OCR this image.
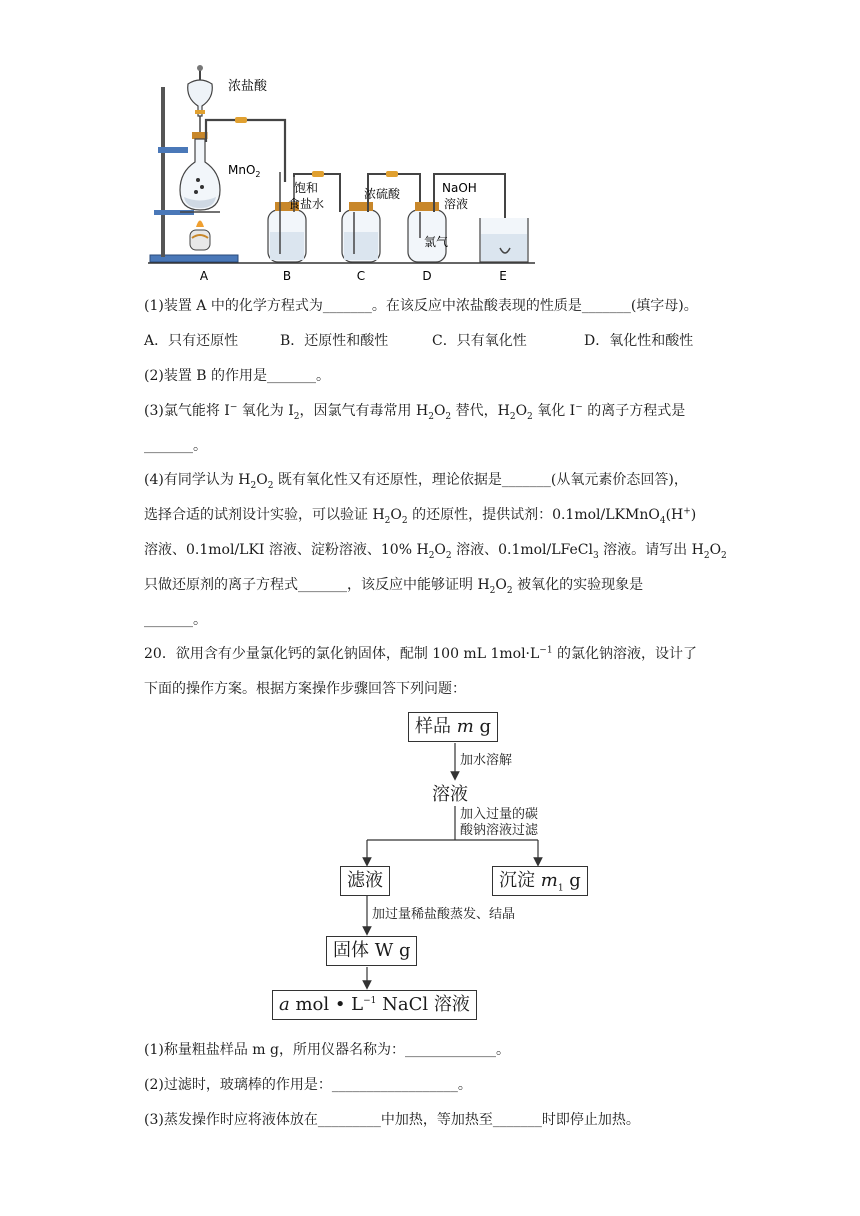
A	B	C	D	E
浓盐酸
MnO$_2$
饱和
食盐水
浓硫酸	NaOH
溶液
氯气
(1)装置 A 中的化学方程式为_______。在该反应中浓盐酸表现的性质是_______(填字母)。
A．只有还原性	B．还原性和酸性	C．只有氧化性	D．氧化性和酸性
(2)装置 B 的作用是_______。
(3)氯气能将 I− 氧化为 $I_2$，因氯气有毒常用 $H_2O_2$ 替代，$H_2O_2$ 氧化 I− 的离子方程式是
_______。
(4)有同学认为 $H_2O_2$ 既有氧化性又有还原性，理论依据是_______(从氧元素价态回答)，
选择合适的试剂设计实验，可以验证 $H_2O_2$ 的还原性，提供试剂：0.1mol/LKMnO$_4$(H+)
溶液、0.1mol/LKI 溶液、淀粉溶液、10% $H_2O_2$ 溶液、0.1mol/LFeCl$_3$ 溶液。请写出 $H_2O_2$
只做还原剂的离子方程式_______，该反应中能够证明 $H_2O_2$ 被氧化的实验现象是
_______。
20．欲用含有少量氯化钙的氯化钠固体，配制 100 mL $1mol\cdot L^{-1}$ 的氯化钠溶液，设计了
下面的操作方案。根据方案操作步骤回答下列问题：
样品 m g
加水溶解
溶液
加入过量的碳
酸钠溶液过滤
滤液	沉淀 $m_1$ g
加过量稀盐酸蒸发、结晶
固体 W g
a mol • $L^{-1}$ NaCl 溶液
(1)称量粗盐样品 m g，所用仪器名称为：_____________。
(2)过滤时，玻璃棒的作用是：__________________。
(3)蒸发操作时应将液体放在_________中加热，等加热至_______时即停止加热。
